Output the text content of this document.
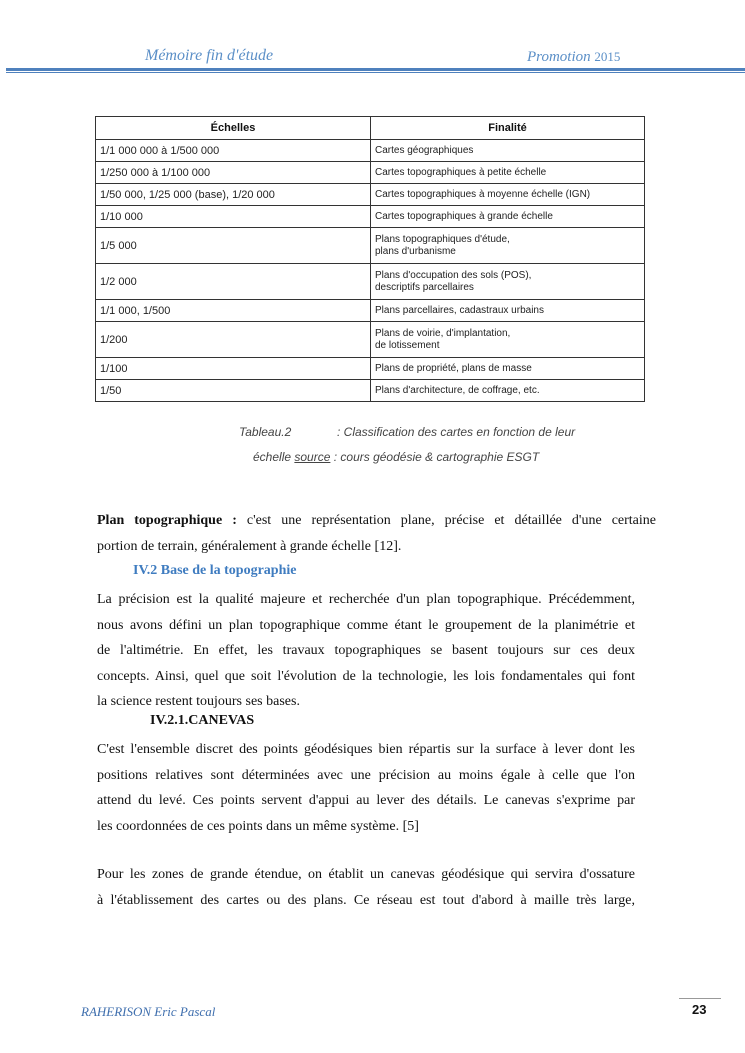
Mémoire fin d'étude	Promotion 2015
Échelles	Finalité
1/1 000 000 à 1/500 000	Cartes géographiques
1/250 000 à 1/100 000	Cartes topographiques à petite échelle
1/50 000, 1/25 000 (base), 1/20 000	Cartes topographiques à moyenne échelle (IGN)
1/10 000	Cartes topographiques à grande échelle
1/5 000	Plans topographiques d'étude,
plans d'urbanisme
1/2 000	Plans d'occupation des sols (POS),
descriptifs parcellaires
1/1 000, 1/500	Plans parcellaires, cadastraux urbains
1/200	Plans de voirie, d'implantation,
de lotissement
1/100	Plans de propriété, plans de masse
1/50	Plans d'architecture, de coffrage, etc.
Tableau.2	: Classification des cartes en fonction de leur
échelle source : cours géodésie & cartographie ESGT
Plan topographique : c'est une représentation plane, précise et détaillée d'une certaine
portion de terrain, généralement à grande échelle [12].
IV.2 Base de la topographie
La précision est la qualité majeure et recherchée d'un plan topographique. Précédemment,
nous avons défini un plan topographique comme étant le groupement de la planimétrie et
de l'altimétrie. En effet, les travaux topographiques se basent toujours sur ces deux
concepts. Ainsi, quel que soit l'évolution de la technologie, les lois fondamentales qui font
la science restent toujours ses bases.
IV.2.1.CANEVAS
C'est l'ensemble discret des points géodésiques bien répartis sur la surface à lever dont les
positions relatives sont déterminées avec une précision au moins égale à celle que l'on
attend du levé. Ces points servent d'appui au lever des détails. Le canevas s'exprime par
les coordonnées de ces points dans un même système. [5]
Pour les zones de grande étendue, on établit un canevas géodésique qui servira d'ossature
à l'établissement des cartes ou des plans. Ce réseau est tout d'abord à maille très large,
RAHERISON Eric Pascal	23
